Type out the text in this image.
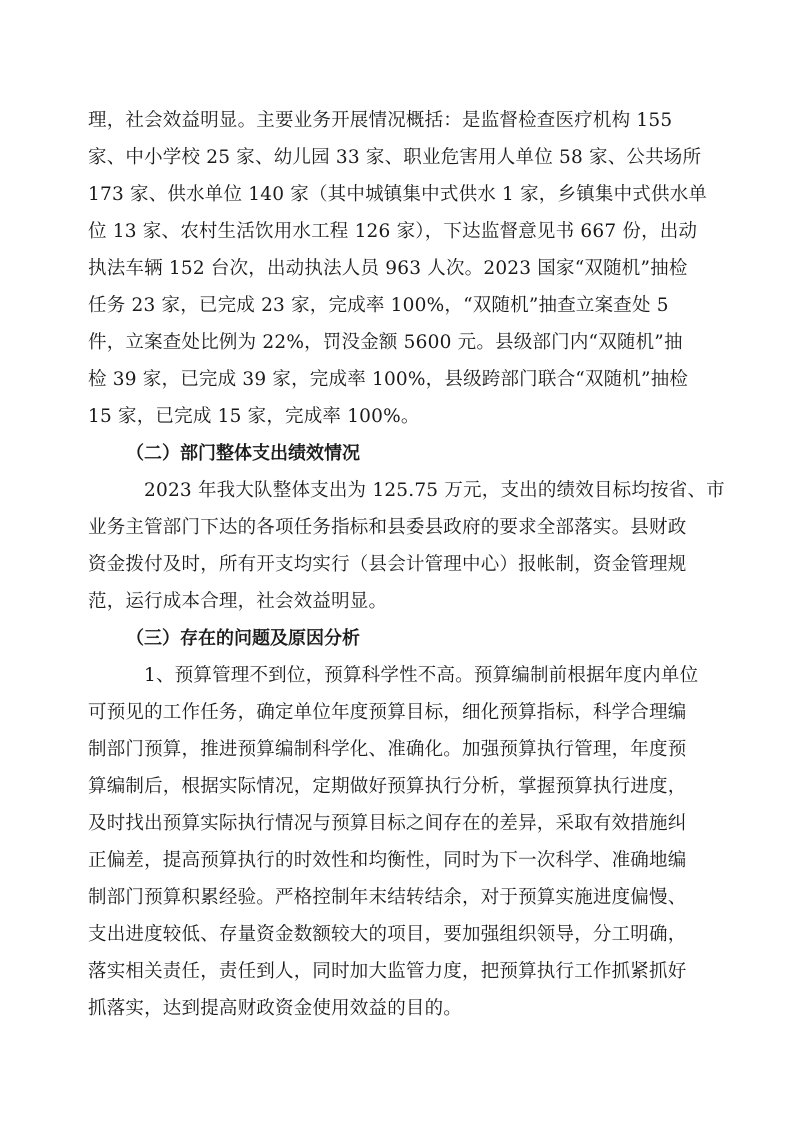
理，社会效益明显。主要业务开展情况概括：是监督检查医疗机构 155
家、中小学校 25 家、幼儿园 33 家、职业危害用人单位 58 家、公共场所
173 家、供水单位 140 家（其中城镇集中式供水 1 家，乡镇集中式供水单
位 13 家、农村生活饮用水工程 126 家），下达监督意见书 667 份，出动
执法车辆 152 台次，出动执法人员 963 人次。2023 国家“双随机”抽检
任务 23 家，已完成 23 家，完成率 100%，“双随机”抽查立案查处 5
件，立案查处比例为 22%，罚没金额 5600 元。县级部门内“双随机”抽
检 39 家，已完成 39 家，完成率 100%，县级跨部门联合“双随机”抽检
15 家，已完成 15 家，完成率 100%。
（二）部门整体支出绩效情况
2023 年我大队整体支出为 125.75 万元，支出的绩效目标均按省、市
业务主管部门下达的各项任务指标和县委县政府的要求全部落实。县财政
资金拨付及时，所有开支均实行（县会计管理中心）报帐制，资金管理规
范，运行成本合理，社会效益明显。
（三）存在的问题及原因分析
1、预算管理不到位，预算科学性不高。预算编制前根据年度内单位
可预见的工作任务，确定单位年度预算目标，细化预算指标，科学合理编
制部门预算，推进预算编制科学化、准确化。加强预算执行管理，年度预
算编制后，根据实际情况，定期做好预算执行分析，掌握预算执行进度，
及时找出预算实际执行情况与预算目标之间存在的差异，采取有效措施纠
正偏差，提高预算执行的时效性和均衡性，同时为下一次科学、准确地编
制部门预算积累经验。严格控制年末结转结余，对于预算实施进度偏慢、
支出进度较低、存量资金数额较大的项目，要加强组织领导，分工明确，
落实相关责任，责任到人，同时加大监管力度，把预算执行工作抓紧抓好
抓落实，达到提高财政资金使用效益的目的。
